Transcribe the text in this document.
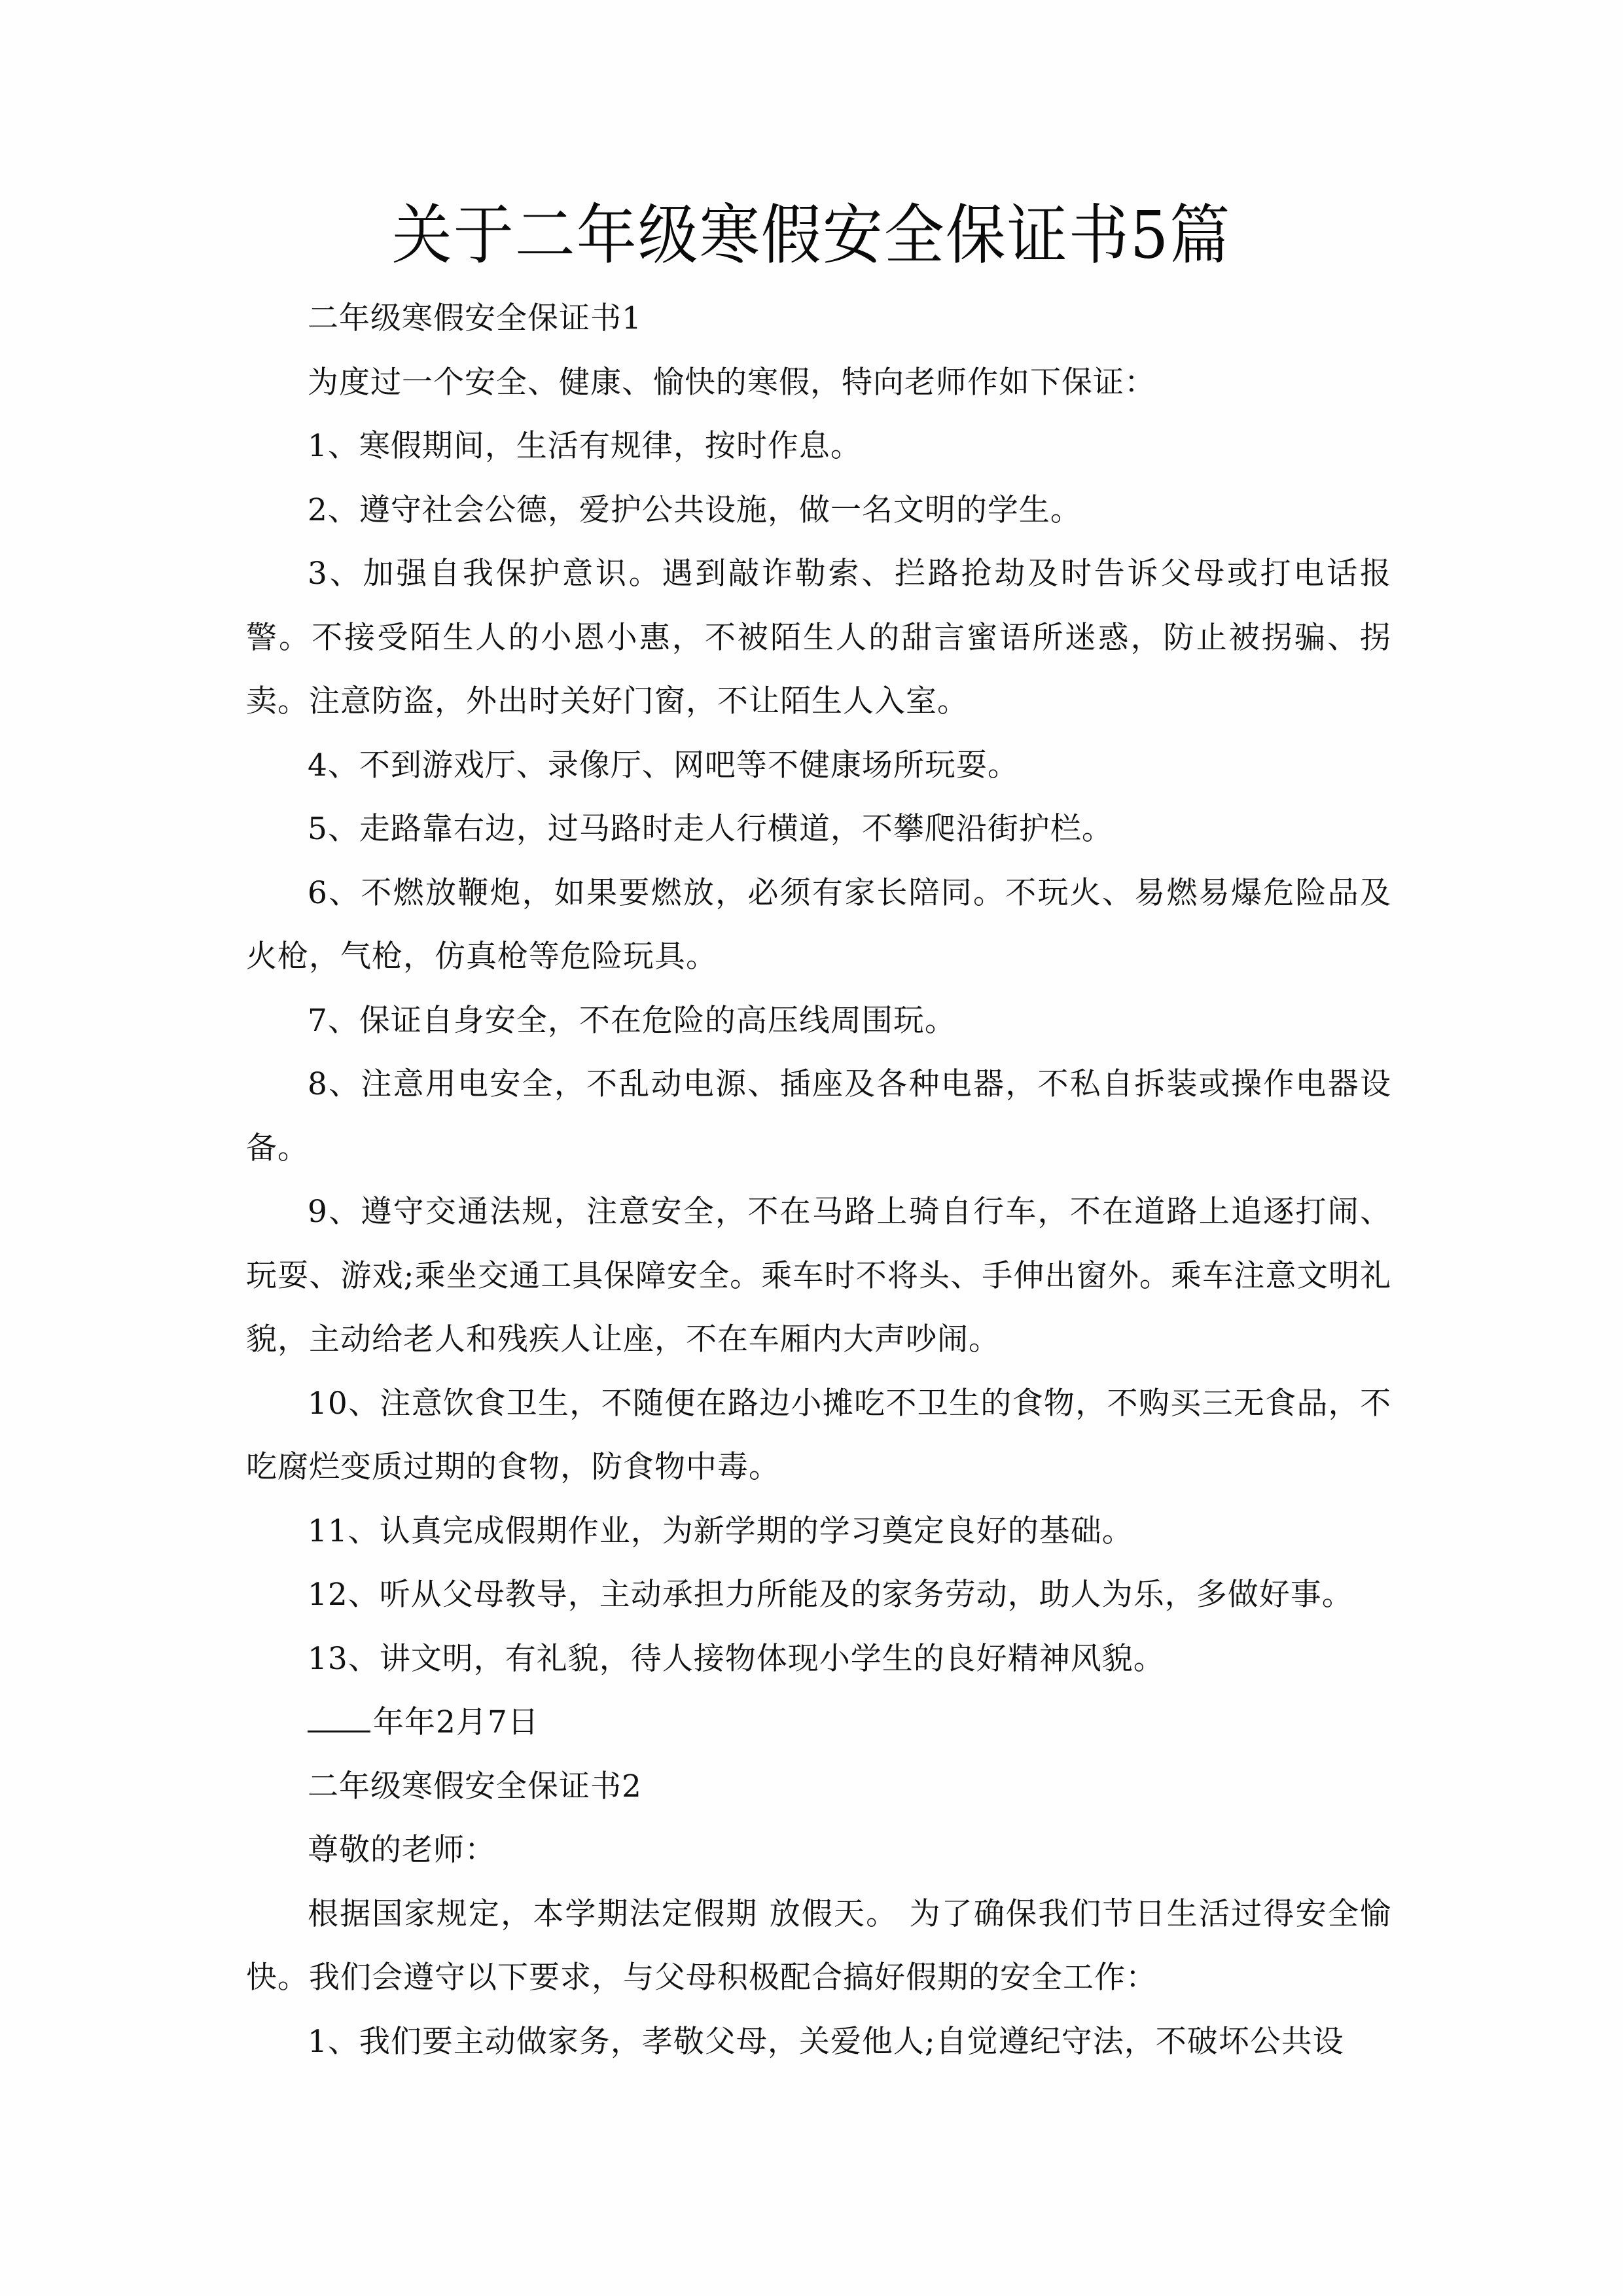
关于二年级寒假安全保证书5篇

二年级寒假安全保证书1

为度过一个安全、健康、愉快的寒假，特向老师作如下保证：

1、寒假期间，生活有规律，按时作息。

2、遵守社会公德，爱护公共设施，做一名文明的学生。

3、加强自我保护意识。遇到敲诈勒索、拦路抢劫及时告诉父母或打电话报警。不接受陌生人的小恩小惠，不被陌生人的甜言蜜语所迷惑，防止被拐骗、拐卖。注意防盗，外出时关好门窗，不让陌生人入室。

4、不到游戏厅、录像厅、网吧等不健康场所玩耍。

5、走路靠右边，过马路时走人行横道，不攀爬沿街护栏。

6、不燃放鞭炮，如果要燃放，必须有家长陪同。不玩火、易燃易爆危险品及火枪，气枪，仿真枪等危险玩具。

7、保证自身安全，不在危险的高压线周围玩。

8、注意用电安全，不乱动电源、插座及各种电器，不私自拆装或操作电器设备。

9、遵守交通法规，注意安全，不在马路上骑自行车，不在道路上追逐打闹、玩耍、游戏;乘坐交通工具保障安全。乘车时不将头、手伸出窗外。乘车注意文明礼貌，主动给老人和残疾人让座，不在车厢内大声吵闹。

10、注意饮食卫生，不随便在路边小摊吃不卫生的食物，不购买三无食品，不吃腐烂变质过期的食物，防食物中毒。

11、认真完成假期作业，为新学期的学习奠定良好的基础。

12、听从父母教导，主动承担力所能及的家务劳动，助人为乐，多做好事。

13、讲文明，有礼貌，待人接物体现小学生的良好精神风貌。

年年2月7日

二年级寒假安全保证书2

尊敬的老师：

根据国家规定，本学期法定假期 放假天。 为了确保我们节日生活过得安全愉快。我们会遵守以下要求，与父母积极配合搞好假期的安全工作：

1、我们要主动做家务，孝敬父母，关爱他人;自觉遵纪守法，不破坏公共设
